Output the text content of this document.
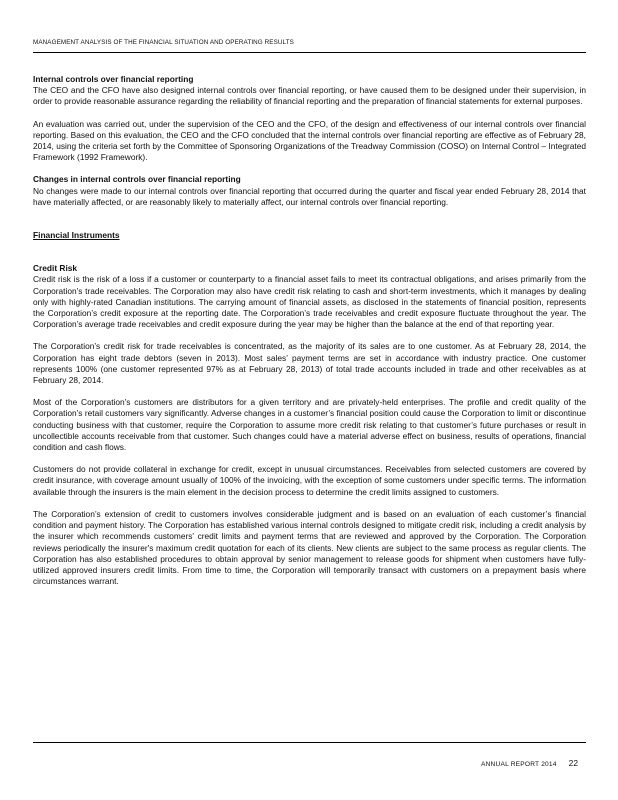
MANAGEMENT ANALYSIS OF THE FINANCIAL SITUATION AND OPERATING RESULTS
Internal controls over financial reporting

The CEO and the CFO have also designed internal controls over financial reporting, or have caused them to be designed under their supervision, in order to provide reasonable assurance regarding the reliability of financial reporting and the preparation of financial statements for external purposes.

An evaluation was carried out, under the supervision of the CEO and the CFO, of the design and effectiveness of our internal controls over financial reporting. Based on this evaluation, the CEO and the CFO concluded that the internal controls over financial reporting are effective as of February 28, 2014, using the criteria set forth by the Committee of Sponsoring Organizations of the Treadway Commission (COSO) on Internal Control – Integrated Framework (1992 Framework).

Changes in internal controls over financial reporting

No changes were made to our internal controls over financial reporting that occurred during the quarter and fiscal year ended February 28, 2014 that have materially affected, or are reasonably likely to materially affect, our internal controls over financial reporting.

Financial Instruments
Credit Risk

Credit risk is the risk of a loss if a customer or counterparty to a financial asset fails to meet its contractual obligations, and arises primarily from the Corporation’s trade receivables. The Corporation may also have credit risk relating to cash and short-term investments, which it manages by dealing only with highly-rated Canadian institutions. The carrying amount of financial assets, as disclosed in the statements of financial position, represents the Corporation’s credit exposure at the reporting date. The Corporation’s trade receivables and credit exposure fluctuate throughout the year. The Corporation’s average trade receivables and credit exposure during the year may be higher than the balance at the end of that reporting year.

The Corporation’s credit risk for trade receivables is concentrated, as the majority of its sales are to one customer. As at February 28, 2014, the Corporation has eight trade debtors (seven in 2013). Most sales’ payment terms are set in accordance with industry practice. One customer represents 100% (one customer represented 97% as at February 28, 2013) of total trade accounts included in trade and other receivables as at February 28, 2014.

Most of the Corporation's customers are distributors for a given territory and are privately-held enterprises. The profile and credit quality of the Corporation’s retail customers vary significantly. Adverse changes in a customer’s financial position could cause the Corporation to limit or discontinue conducting business with that customer, require the Corporation to assume more credit risk relating to that customer’s future purchases or result in uncollectible accounts receivable from that customer. Such changes could have a material adverse effect on business, results of operations, financial condition and cash flows.

Customers do not provide collateral in exchange for credit, except in unusual circumstances. Receivables from selected customers are covered by credit insurance, with coverage amount usually of 100% of the invoicing, with the exception of some customers under specific terms. The information available through the insurers is the main element in the decision process to determine the credit limits assigned to customers.

The Corporation’s extension of credit to customers involves considerable judgment and is based on an evaluation of each customer’s financial condition and payment history. The Corporation has established various internal controls designed to mitigate credit risk, including a credit analysis by the insurer which recommends customers' credit limits and payment terms that are reviewed and approved by the Corporation. The Corporation reviews periodically the insurer's maximum credit quotation for each of its clients. New clients are subject to the same process as regular clients. The Corporation has also established procedures to obtain approval by senior management to release goods for shipment when customers have fully-utilized approved insurers credit limits. From time to time, the Corporation will temporarily transact with customers on a prepayment basis where circumstances warrant.

ANNUAL REPORT 2014 22
